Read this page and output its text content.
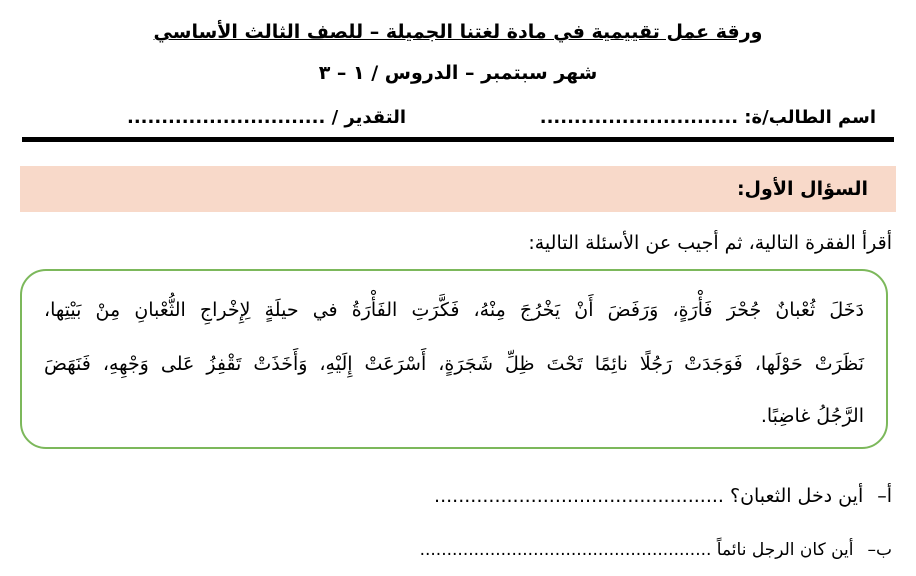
ورقة عمل تقييمية في مادة لغتنا الجميلة – للصف الثالث الأساسي
شهر سبتمبر – الدروس / ١ – ٣
اسم الطالب/ة: .............................
التقدير / .............................
السؤال الأول:
أقرأ الفقرة التالية، ثم أجيب عن الأسئلة التالية:
دَخَلَ ثُعْبانٌ جُحْرَ فَأْرَةٍ، وَرَفَضَ أَنْ يَخْرُجَ مِنْهُ، فَكَّرَتِ الفَأْرَةُ في حيلَةٍ لِإِخْراجِ الثُّعْبانِ مِنْ بَيْتِها،
نَظَرَتْ حَوْلَها، فَوَجَدَتْ رَجُلًا نائِمًا تَحْتَ ظِلِّ شَجَرَةٍ، أَسْرَعَتْ إِلَيْهِ، وَأَخَذَتْ تَقْفِزُ عَلى وَجْهِهِ، فَنَهَضَ
الرَّجُلُ غاضِبًا.
أ–أين دخل الثعبان؟ ................................................
ب–أين كان الرجل نائماً ......................................................
